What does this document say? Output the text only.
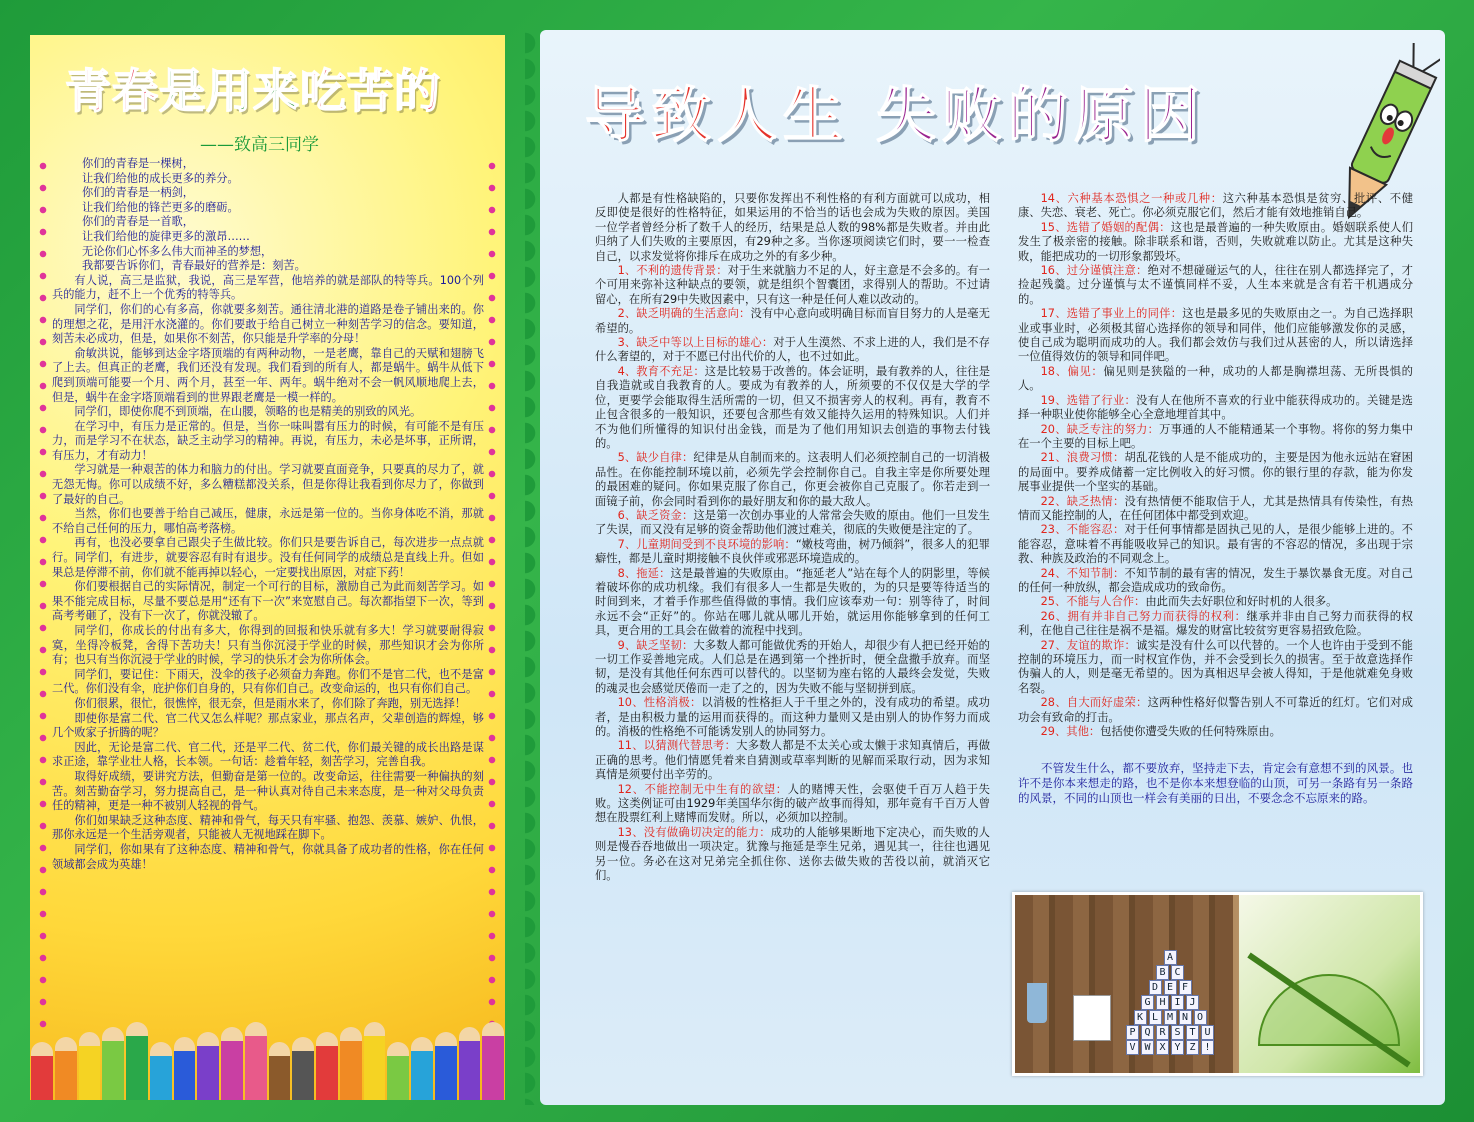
青春是用来吃苦的
——致高三同学
你们的青春是一棵树，
让我们给他的成长更多的养分。
你们的青春是一柄剑，
让我们给他的锋芒更多的磨砺。
你们的青春是一首歌，
让我们给他的旋律更多的激昂……
无论你们心怀多么伟大而神圣的梦想，
我都要告诉你们，青春最好的营养是：刻苦。

有人说，高三是监狱，我说，高三是军营，他培养的就是部队的特等兵。100个列兵的能力，赶不上一个优秀的特等兵。

同学们，你们的心有多高，你就要多刻苦。通往清北港的道路是卷子铺出来的。你的理想之花，是用汗水浇灌的。你们要敢于给自己树立一种刻苦学习的信念。要知道，刻苦未必成功，但是，如果你不刻苦，你只能是升学率的分母！

俞敏洪说，能够到达金字塔顶端的有两种动物，一是老鹰，靠自己的天赋和翅膀飞了上去。但真正的老鹰，我们还没有发现。我们看到的所有人，都是蜗牛。蜗牛从低下爬到顶端可能要一个月、两个月，甚至一年、两年。蜗牛绝对不会一帆风顺地爬上去，但是，蜗牛在金字塔顶端看到的世界跟老鹰是一模一样的。

同学们，即使你爬不到顶端，在山腰，领略的也是精美的别致的风光。

在学习中，有压力是正常的。但是，当你一味叫嚣有压力的时候，有可能不是有压力，而是学习不在状态，缺乏主动学习的精神。再说，有压力，未必是坏事，正所谓，有压力，才有动力！

学习就是一种艰苦的体力和脑力的付出。学习就要直面竞争，只要真的尽力了，就无怨无悔。你可以成绩不好，多么糟糕都没关系，但是你得让我看到你尽力了，你做到了最好的自己。

当然，你们也要善于给自己减压，健康，永远是第一位的。当你身体吃不消，那就不给自己任何的压力，哪怕高考落榜。

再有，也没必要拿自己跟尖子生做比较。你们只是要告诉自己，每次进步一点点就行。同学们，有进步，就要容忍有时有退步。没有任何同学的成绩总是直线上升。但如果总是停滞不前，你们就不能再掉以轻心，一定要找出原因，对症下药！

你们要根据自己的实际情况，制定一个可行的目标，激励自己为此而刻苦学习。如果不能完成目标，尽量不要总是用“还有下一次”来宽慰自己。每次都指望下一次，等到高考考砸了，没有下一次了，你就没辙了。

同学们，你成长的付出有多大，你得到的回报和快乐就有多大！学习就要耐得寂寞，坐得冷板凳，舍得下苦功夫！只有当你沉浸于学业的时候，那些知识才会为你所有；也只有当你沉浸于学业的时候，学习的快乐才会为你所体会。

同学们，要记住：下雨天，没伞的孩子必须奋力奔跑。你们不是官二代，也不是富二代。你们没有伞，庇护你们自身的，只有你们自己。改变命运的，也只有你们自己。

你们很累，很忙，很憔悴，很无奈，但是雨水来了，你们除了奔跑，别无选择！

即使你是富二代、官二代又怎么样呢？那点家业，那点名声，父辈创造的辉煌，够几个败家子折腾的呢？

因此，无论是富二代、官二代，还是平二代、贫二代，你们最关键的成长出路是谋求正途，靠学业壮人格，长本领。一句话：趁着年轻，刻苦学习，完善自我。

取得好成绩，要讲究方法，但勤奋是第一位的。改变命运，往往需要一种偏执的刻苦。刻苦勤奋学习，努力提高自己，是一种认真对待自己未来态度，是一种对父母负责任的精神，更是一种不被别人轻视的骨气。

你们如果缺乏这种态度、精神和骨气，每天只有牢骚、抱怨、羡慕、嫉妒、仇恨，那你永远是一个生活旁观者，只能被人无视地踩在脚下。

同学们，你如果有了这种态度、精神和骨气，你就具备了成功者的性格，你在任何领域都会成为英雄！

导致人生 失败的原因

人都是有性格缺陷的，只要你发挥出不利性格的有利方面就可以成功，相反即使是很好的性格特征，如果运用的不恰当的话也会成为失败的原因。美国一位学者曾经分析了数千人的经历，结果是总人数的98%都是失败者。并由此归纳了人们失败的主要原因，有29种之多。当你逐项阅读它们时，要一一检查自己，以求发觉将你排斥在成功之外的有多少种。

1、不利的遗传背景：对于生来就脑力不足的人，好主意是不会多的。有一个可用来弥补这种缺点的要领，就是组织个智囊团，求得别人的帮助。不过请留心，在所有29中失败因素中，只有这一种是任何人难以改动的。

2、缺乏明确的生活意向：没有中心意向或明确目标而盲目努力的人是毫无希望的。

3、缺乏中等以上目标的雄心：对于人生漠然、不求上进的人，我们是不存什么奢望的，对于不愿已付出代价的人，也不过如此。

4、教育不充足：这是比较易于改善的。体会证明，最有教养的人，往往是自我造就或自我教育的人。要成为有教养的人，所须要的不仅仅是大学的学位，更要学会能取得生活所需的一切，但又不损害旁人的权利。再有，教育不止包含很多的一般知识，还要包含那些有效又能持久运用的特殊知识。人们并不为他们所懂得的知识付出金钱，而是为了他们用知识去创造的事物去付钱的。

5、缺少自律：纪律是从自制而来的。这表明人们必须控制自己的一切消极品性。在你能控制环境以前，必须先学会控制你自己。自我主宰是你所要处理的最困难的疑问。你如果克服了你自己，你更会被你自己克服了。你若走到一面镜子前，你会同时看到你的最好朋友和你的最大敌人。

6、缺乏资金：这是第一次创办事业的人常常会失败的原由。他们一旦发生了失误，而又没有足够的资金帮助他们渡过难关，彻底的失败便是注定的了。

7、儿童期间受到不良环境的影响：“嫩枝弯曲，树乃倾斜”，很多人的犯罪癖性，都是儿童时期接触不良伙伴或邪恶环境造成的。

8、拖延：这是最普遍的失败原由。“拖延老人”站在每个人的阴影里，等候着破坏你的成功机缘。我们有很多人一生都是失败的，为的只是要等待适当的时间到来，才着手作那些值得做的事情。我们应该奉劝一句：别等待了，时间永远不会“正好”的。你站在哪儿就从哪儿开始，就运用你能够拿到的任何工具，更合用的工具会在做着的流程中找到。

9、缺乏坚韧：大多数人都可能做优秀的开始人，却很少有人把已经开始的一切工作妥善地完成。人们总是在遇到第一个挫折时，便全盘撒手放弃。而坚韧，是没有其他任何东西可以替代的。以坚韧为座右铭的人最终会发觉，失败的魂灵也会感觉厌倦而一走了之的，因为失败不能与坚韧拼到底。

10、性格消极：以消极的性格拒人于千里之外的，没有成功的希望。成功者，是由积极力量的运用而获得的。而这种力量则又是由别人的协作努力而成的。消极的性格绝不可能诱发别人的协同努力。

11、以猜测代替思考：大多数人都是不太关心或太懒于求知真情后，再做正确的思考。他们情愿凭着来自猜测或草率判断的见解而采取行动，因为求知真情是须要付出辛劳的。

12、不能控制无中生有的欲望：人的赌博天性，会驱使千百万人趋于失败。这类例证可由1929年美国华尔街的破产故事而得知，那年竟有千百万人曾想在股票红利上赌博而发财。所以，必须加以控制。

13、没有做确切决定的能力：成功的人能够果断地下定决心，而失败的人则是慢吞吞地做出一项决定。犹豫与拖延是孪生兄弟，遇见其一，往往也遇见另一位。务必在这对兄弟完全抓住你、送你去做失败的苦役以前，就消灭它们。

14、六种基本恐惧之一种或几种：这六种基本恐惧是贫穷、批评、不健康、失恋、衰老、死亡。你必须克服它们，然后才能有效地推销自己。

15、选错了婚姻的配偶：这也是最普遍的一种失败原由。婚姻联系使人们发生了极亲密的接触。除非联系和谐，否则，失败就难以防止。尤其是这种失败，能把成功的一切形象都毁坏。

16、过分谨慎注意：绝对不想碰碰运气的人，往往在别人都选择完了，才捡起残羹。过分谨慎与太不谨慎同样不妥，人生本来就是含有若干机遇成分的。

17、选错了事业上的同伴：这也是最多见的失败原由之一。为自己选择职业或事业时，必须极其留心选择你的领导和同伴，他们应能够激发你的灵感，使自己成为聪明而成功的人。我们都会效仿与我们过从甚密的人，所以请选择一位值得效仿的领导和同伴吧。

18、偏见：偏见则是狭隘的一种，成功的人都是胸襟坦荡、无所畏惧的人。

19、选错了行业：没有人在他所不喜欢的行业中能获得成功的。关键是选择一种职业使你能够全心全意地埋首其中。

20、缺乏专注的努力：万事通的人不能精通某一个事物。将你的努力集中在一个主要的目标上吧。

21、浪费习惯：胡乱花钱的人是不能成功的，主要是因为他永远站在窘困的局面中。要养成储蓄一定比例收入的好习惯。你的银行里的存款，能为你发展事业提供一个坚实的基础。

22、缺乏热情：没有热情便不能取信于人，尤其是热情具有传染性，有热情而又能控制的人，在任何团体中都受到欢迎。

23、不能容忍：对于任何事情都是固执己见的人，是很少能够上进的。不能容忍，意味着不再能吸收异己的知识。最有害的不容忍的情况，多出现于宗教、种族及政治的不同观念上。

24、不知节制：不知节制的最有害的情况，发生于暴饮暴食无度。对自己的任何一种放纵，都会造成成功的致命伤。

25、不能与人合作：由此而失去好职位和好时机的人很多。

26、拥有并非自己努力而获得的权利：继承并非由自己努力而获得的权利，在他自己往往是祸不是福。爆发的财富比较贫穷更容易招致危险。

27、友谊的欺诈：诚实是没有什么可以代替的。一个人也许由于受到不能控制的环境压力，而一时权宜作伪，并不会受到长久的损害。至于故意选择作伪骗人的人，则是毫无希望的。因为真相迟早会被人得知，于是他就难免身败名裂。

28、自大而好虚荣：这两种性格好似警告别人不可靠近的红灯。它们对成功会有致命的打击。

29、其他：包括使你遭受失败的任何特殊原由。

不管发生什么，都不要放弃，坚持走下去，肯定会有意想不到的风景。也许不是你本来想走的路，也不是你本来想登临的山顶，可另一条路有另一条路的风景，不同的山顶也一样会有美丽的日出，不要念念不忘原来的路。

A
B C
D E F
G H I J
K L M N O
P Q R S T U
V W X Y Z !
